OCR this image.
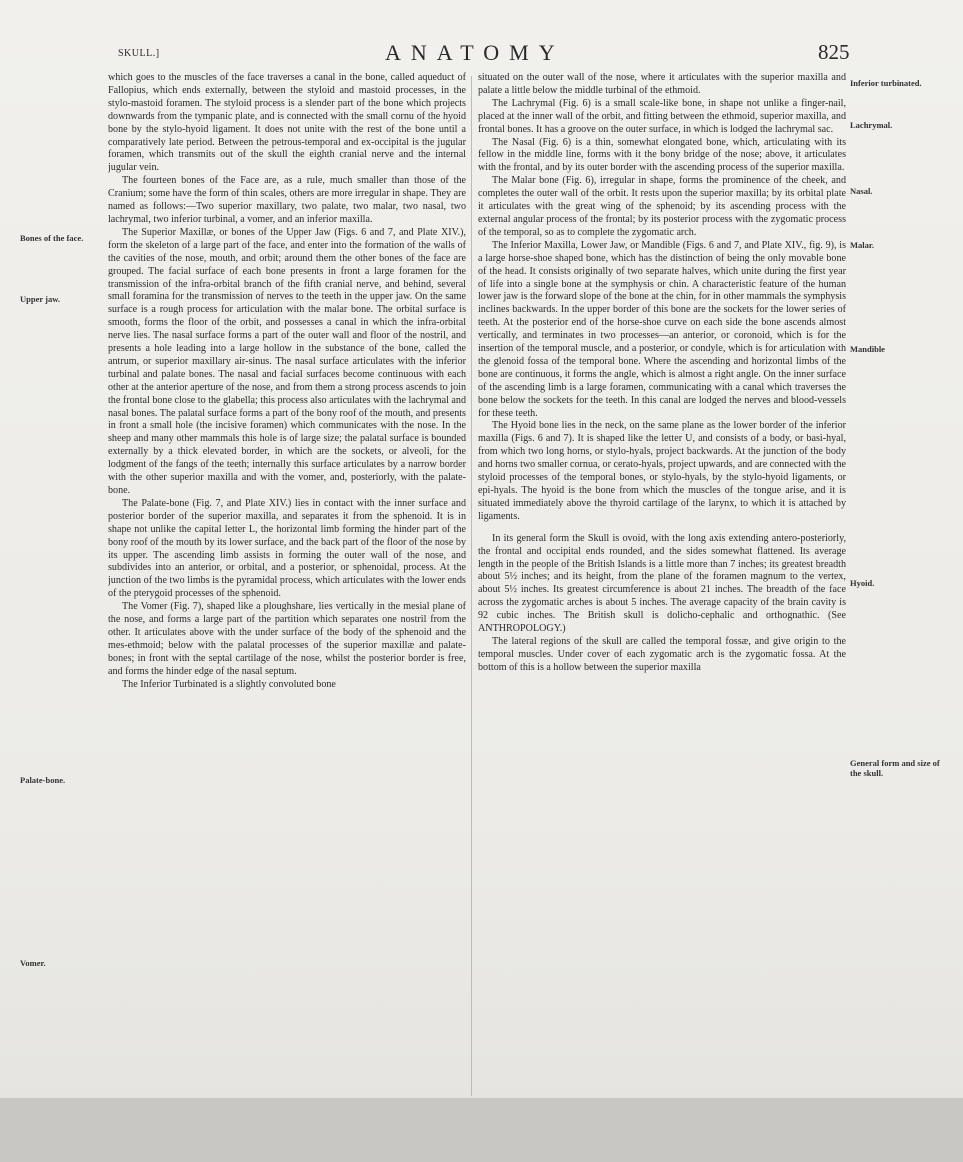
SKULL.]	ANATOMY	825

which goes to the muscles of the face traverses a canal in the bone, called aqueduct of Fallopius, which ends externally, between the styloid and mastoid processes, in the stylo-mastoid foramen. The styloid process is a slender part of the bone which projects downwards from the tympanic plate, and is connected with the small cornu of the hyoid bone by the stylo-hyoid ligament. It does not unite with the rest of the bone until a comparatively late period. Between the petrous-temporal and ex-occipital is the jugular foramen, which transmits out of the skull the eighth cranial nerve and the internal jugular vein.

The fourteen bones of the Face are, as a rule, much smaller than those of the Cranium; some have the form of thin scales, others are more irregular in shape. They are named as follows:—Two superior maxillary, two palate, two malar, two nasal, two lachrymal, two inferior turbinal, a vomer, and an inferior maxilla.

The Superior Maxillæ, or bones of the Upper Jaw (Figs. 6 and 7, and Plate XIV.), form the skeleton of a large part of the face, and enter into the formation of the walls of the cavities of the nose, mouth, and orbit; around them the other bones of the face are grouped. The facial surface of each bone presents in front a large foramen for the transmission of the infra-orbital branch of the fifth cranial nerve, and behind, several small foramina for the transmission of nerves to the teeth in the upper jaw. On the same surface is a rough process for articulation with the malar bone. The orbital surface is smooth, forms the floor of the orbit, and possesses a canal in which the infra-orbital nerve lies. The nasal surface forms a part of the outer wall and floor of the nostril, and presents a hole leading into a large hollow in the substance of the bone, called the antrum, or superior maxillary air-sinus. The nasal surface articulates with the inferior turbinal and palate bones. The nasal and facial surfaces become continuous with each other at the anterior aperture of the nose, and from them a strong process ascends to join the frontal bone close to the glabella; this process also articulates with the lachrymal and nasal bones. The palatal surface forms a part of the bony roof of the mouth, and presents in front a small hole (the incisive foramen) which communicates with the nose. In the sheep and many other mammals this hole is of large size; the palatal surface is bounded externally by a thick elevated border, in which are the sockets, or alveoli, for the lodgment of the fangs of the teeth; internally this surface articulates by a narrow border with the other superior maxilla and with the vomer, and, posteriorly, with the palate-bone.

The Palate-bone (Fig. 7, and Plate XIV.) lies in contact with the inner surface and posterior border of the superior maxilla, and separates it from the sphenoid. It is in shape not unlike the capital letter L, the horizontal limb forming the hinder part of the bony roof of the mouth by its lower surface, and the back part of the floor of the nose by its upper. The ascending limb assists in forming the outer wall of the nose, and subdivides into an anterior, or orbital, and a posterior, or sphenoidal, process. At the junction of the two limbs is the pyramidal process, which articulates with the lower ends of the pterygoid processes of the sphenoid.

The Vomer (Fig. 7), shaped like a ploughshare, lies vertically in the mesial plane of the nose, and forms a large part of the partition which separates one nostril from the other. It articulates above with the under surface of the body of the sphenoid and the mes-ethmoid; below with the palatal processes of the superior maxillæ and palate-bones; in front with the septal cartilage of the nose, whilst the posterior border is free, and forms the hinder edge of the nasal septum.

The Inferior Turbinated is a slightly convoluted bone

situated on the outer wall of the nose, where it articulates with the superior maxilla and palate a little below the middle turbinal of the ethmoid.

The Lachrymal (Fig. 6) is a small scale-like bone, in shape not unlike a finger-nail, placed at the inner wall of the orbit, and fitting between the ethmoid, superior maxilla, and frontal bones. It has a groove on the outer surface, in which is lodged the lachrymal sac.

The Nasal (Fig. 6) is a thin, somewhat elongated bone, which, articulating with its fellow in the middle line, forms with it the bony bridge of the nose; above, it articulates with the frontal, and by its outer border with the ascending process of the superior maxilla.

The Malar bone (Fig. 6), irregular in shape, forms the prominence of the cheek, and completes the outer wall of the orbit. It rests upon the superior maxilla; by its orbital plate it articulates with the great wing of the sphenoid; by its ascending process with the external angular process of the frontal; by its posterior process with the zygomatic process of the temporal, so as to complete the zygomatic arch.

The Inferior Maxilla, Lower Jaw, or Mandible (Figs. 6 and 7, and Plate XIV., fig. 9), is a large horse-shoe shaped bone, which has the distinction of being the only movable bone of the head. It consists originally of two separate halves, which unite during the first year of life into a single bone at the symphysis or chin. A characteristic feature of the human lower jaw is the forward slope of the bone at the chin, for in other mammals the symphysis inclines backwards. In the upper border of this bone are the sockets for the lower series of teeth. At the posterior end of the horse-shoe curve on each side the bone ascends almost vertically, and terminates in two processes—an anterior, or coronoid, which is for the insertion of the temporal muscle, and a posterior, or condyle, which is for articulation with the glenoid fossa of the temporal bone. Where the ascending and horizontal limbs of the bone are continuous, it forms the angle, which is almost a right angle. On the inner surface of the ascending limb is a large foramen, communicating with a canal which traverses the bone below the sockets for the teeth. In this canal are lodged the nerves and blood-vessels for these teeth.

The Hyoid bone lies in the neck, on the same plane as the lower border of the inferior maxilla (Figs. 6 and 7). It is shaped like the letter U, and consists of a body, or basi-hyal, from which two long horns, or stylo-hyals, project backwards. At the junction of the body and horns two smaller cornua, or cerato-hyals, project upwards, and are connected with the styloid processes of the temporal bones, or stylo-hyals, by the stylo-hyoid ligaments, or epi-hyals. The hyoid is the bone from which the muscles of the tongue arise, and it is situated immediately above the thyroid cartilage of the larynx, to which it is attached by ligaments.

In its general form the Skull is ovoid, with the long axis extending antero-posteriorly, the frontal and occipital ends rounded, and the sides somewhat flattened. Its average length in the people of the British Islands is a little more than 7 inches; its greatest breadth about 5½ inches; and its height, from the plane of the foramen magnum to the vertex, about 5½ inches. Its greatest circumference is about 21 inches. The breadth of the face across the zygomatic arches is about 5 inches. The average capacity of the brain cavity is 92 cubic inches. The British skull is dolicho-cephalic and orthognathic. (See ANTHROPOLOGY.)

The lateral regions of the skull are called the temporal fossæ, and give origin to the temporal muscles. Under cover of each zygomatic arch is the zygomatic fossa. At the bottom of this is a hollow between the superior maxilla

Bones of the face.
Upper jaw.
Palate-bone.
Vomer.
Inferior turbinated.
Lachrymal.
Nasal.
Malar.
Mandible
Hyoid.
General form and size of the skull.
